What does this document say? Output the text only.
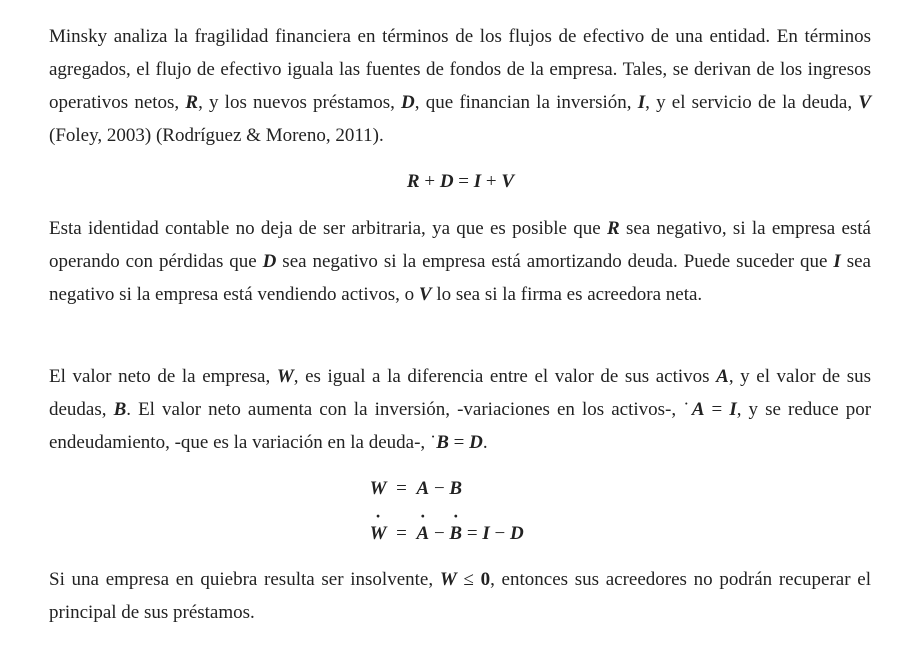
Minsky analiza la fragilidad financiera en términos de los flujos de efectivo de una entidad. En términos agregados, el flujo de efectivo iguala las fuentes de fondos de la empresa. Tales, se derivan de los ingresos operativos netos, R, y los nuevos préstamos, D, que financian la inversión, I, y el servicio de la deuda, V (Foley, 2003) (Rodríguez & Moreno, 2011).

R + D = I + V

Esta identidad contable no deja de ser arbitraria, ya que es posible que R sea negativo, si la empresa está operando con pérdidas que D sea negativo si la empresa está amortizando deuda. Puede suceder que I sea negativo si la empresa está vendiendo activos, o V lo sea si la firma es acreedora neta.

El valor neto de la empresa, W, es igual a la diferencia entre el valor de sus activos A, y el valor de sus deudas, B. El valor neto aumenta con la inversión, -variaciones en los activos-, ˙A = I, y se reduce por endeudamiento, -que es la variación en la deuda-, ˙B = D.

W = A − B
˙ W =˙ A − ˙ B = I − D

Si una empresa en quiebra resulta ser insolvente, W ≤ 0, entonces sus acreedores no podrán recuperar el principal de sus préstamos.
